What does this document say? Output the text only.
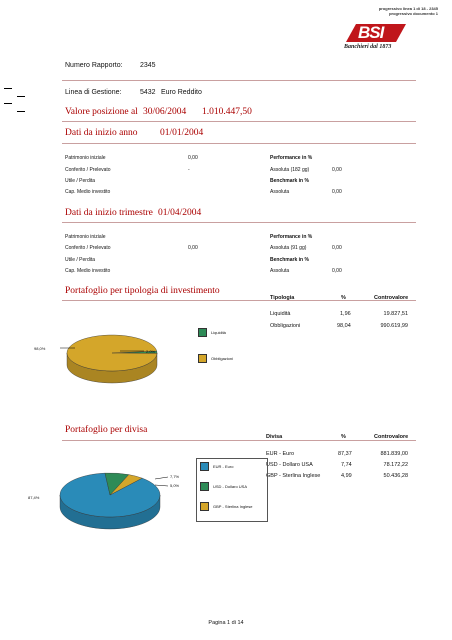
progressivo linea 1 di 18 - 2345
progressivo documento 1
BSI
Banchieri dal 1873
Numero Rapporto: 2345
Linea di Gestione:	5432 Euro Reddito
Valore posizione al 30/06/2004 1.010.447,50
Dati da inizio anno 01/01/2004
Patrimonio iniziale	0,00	Performance in %
Conferito / Prelevato	-	Assoluta (182 gg)	0,00
Utile / Perdita	Benchmark in %
Cap. Medio investito	Assoluta	0,00
Dati da inizio trimestre 01/04/2004
Patrimonio iniziale	Performance in %
Conferito / Prelevato	0,00	Assoluta (91 gg)	0,00
Utile / Perdita	Benchmark in %
Cap. Medio investito	Assoluta	0,00
Portafoglio per tipologia di investimento
Tipologia	%	Controvalore
Liquidità	1,96	19.827,51
Obbligazioni	98,04	990.619,99
2,0%
98,0%
Liquidità
Obbligazioni
Portafoglio per divisa
Divisa	%	Controvalore
EUR - Euro	87,37	881.839,00
USD - Dollaro USA	7,74	78.172,22
GBP - Sterlina Inglese	4,99	50.436,28
87,4%
7,7%
5,0%
EUR - Euro
USD - Dollaro USA
GBP - Sterlina Inglese
Pagina 1 di 14
